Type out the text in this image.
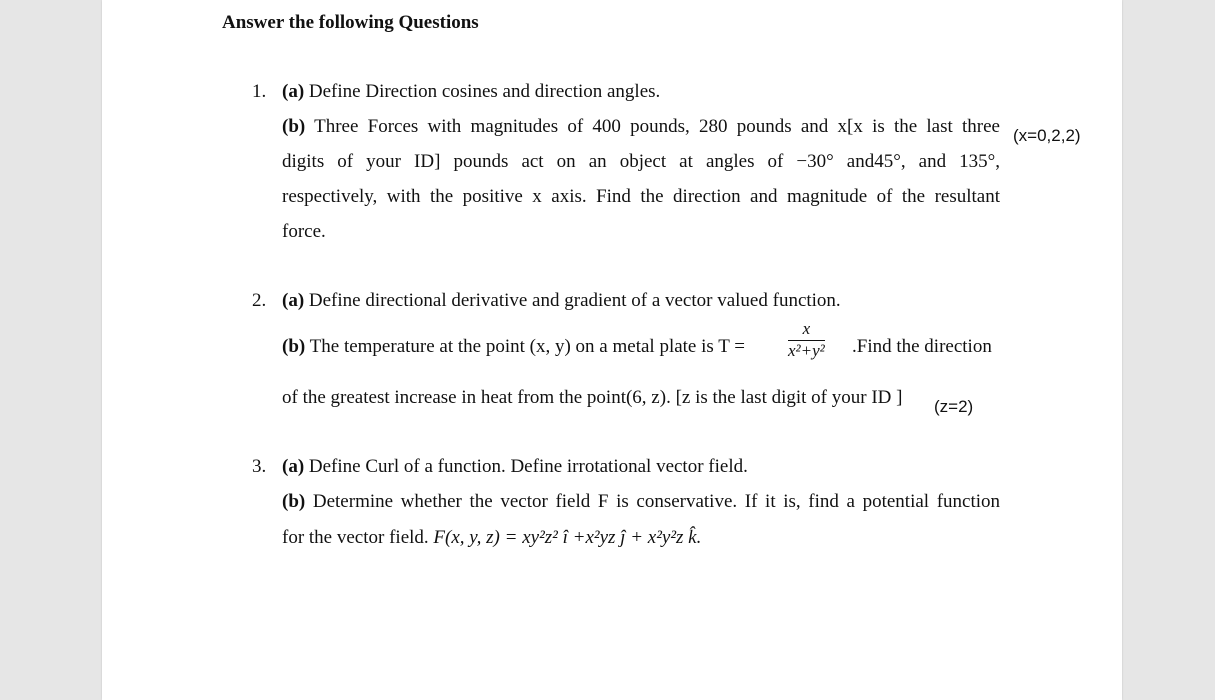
Answer the following Questions
1. (a) Define Direction cosines and direction angles.
(b) Three Forces with magnitudes of 400 pounds, 280 pounds and x[x is the last three (x=0,2,2)
digits of your ID] pounds act on an object at angles of −30° and45°, and 135°,
respectively, with the positive x axis. Find the direction and magnitude of the resultant
force.
2. (a) Define directional derivative and gradient of a vector valued function.
(b) The temperature at the point (x, y) on a metal plate is T =	$\frac{x}{\text{x²+y²}}$ .Find the direction
of the greatest increase in heat from the point(6, z). [z is the last digit of your ID ] (z=2)
3. (a) Define Curl of a function. Define irrotational vector field.
(b) Determine whether the vector field F is conservative. If it is, find a potential function
for the vector field. F(x, y, z) = xy²z² î +x²yz ĵ + x²y²z k̂.
